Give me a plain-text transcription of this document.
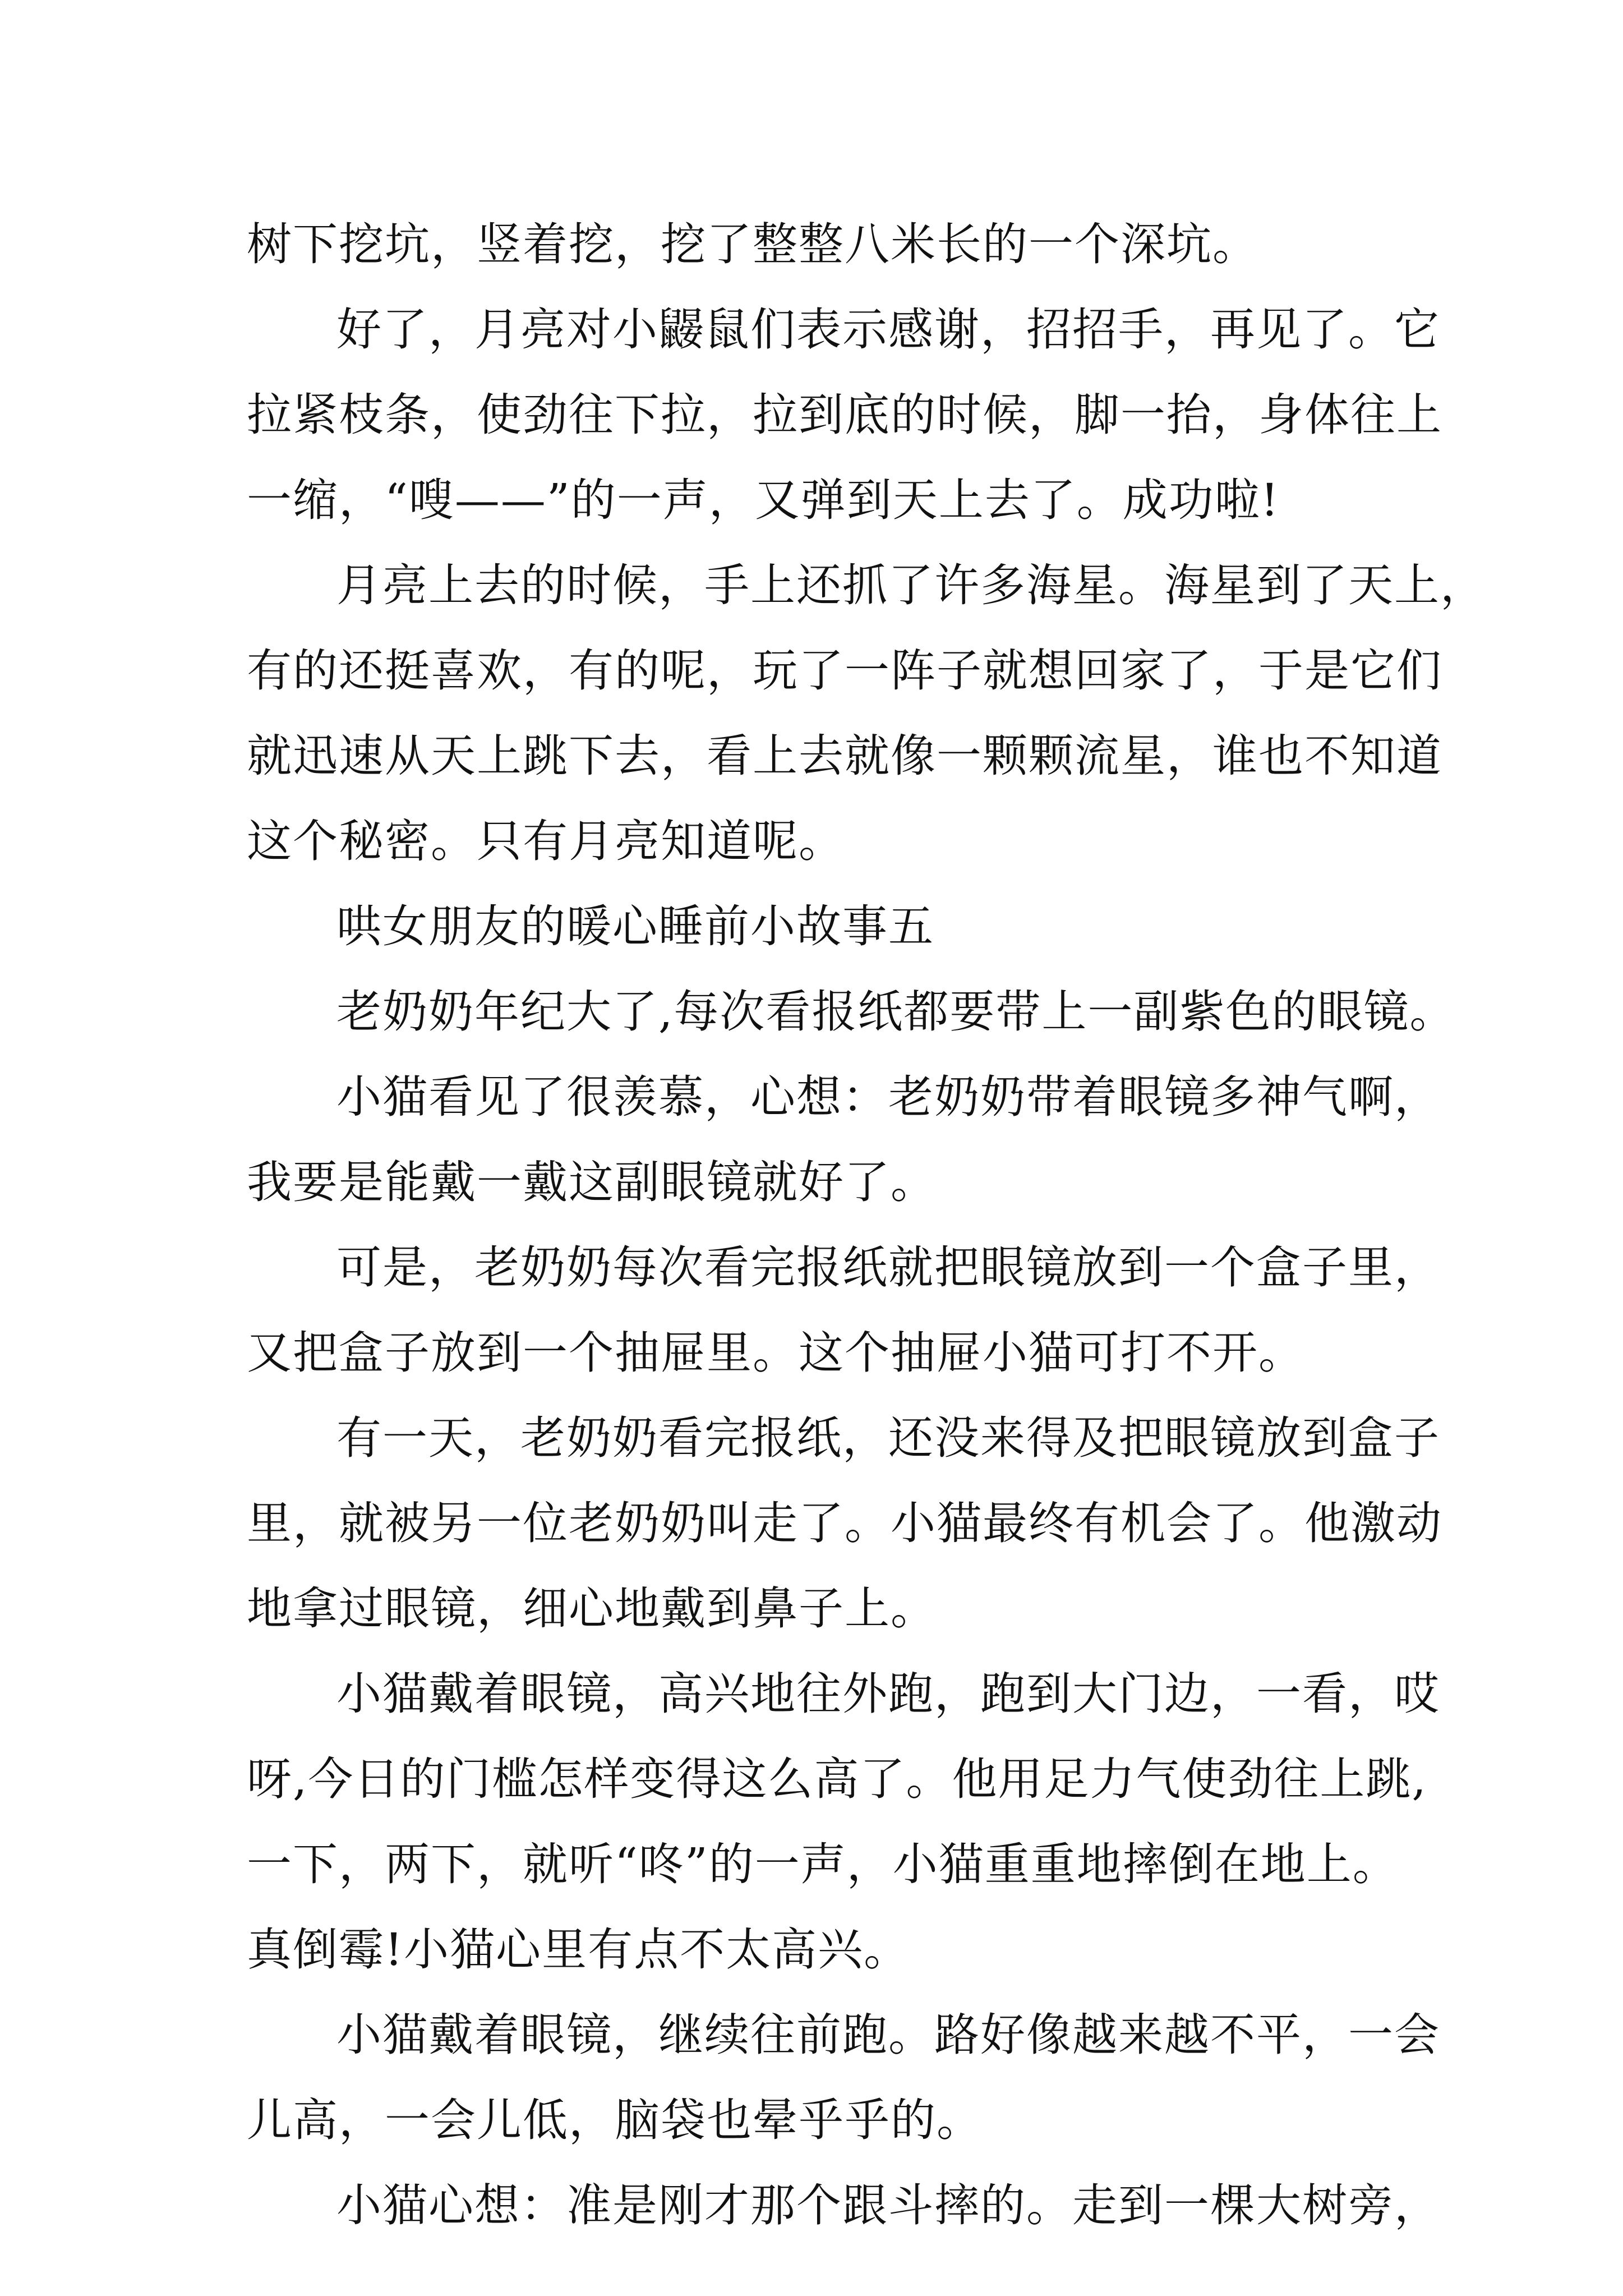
树下挖坑，竖着挖，挖了整整八米长的一个深坑。
好了，月亮对小鼹鼠们表示感谢，招招手，再见了。它
拉紧枝条，使劲往下拉，拉到底的时候，脚一抬，身体往上
一缩，“嗖——”的一声，又弹到天上去了。成功啦!
月亮上去的时候，手上还抓了许多海星。海星到了天上，
有的还挺喜欢，有的呢，玩了一阵子就想回家了，于是它们
就迅速从天上跳下去，看上去就像一颗颗流星，谁也不知道
这个秘密。只有月亮知道呢。
哄女朋友的暖心睡前小故事五
老奶奶年纪大了,每次看报纸都要带上一副紫色的眼镜。
小猫看见了很羡慕，心想：老奶奶带着眼镜多神气啊，
我要是能戴一戴这副眼镜就好了。
可是，老奶奶每次看完报纸就把眼镜放到一个盒子里，
又把盒子放到一个抽屉里。这个抽屉小猫可打不开。
有一天，老奶奶看完报纸，还没来得及把眼镜放到盒子
里，就被另一位老奶奶叫走了。小猫最终有机会了。他激动
地拿过眼镜，细心地戴到鼻子上。
小猫戴着眼镜，高兴地往外跑，跑到大门边，一看，哎
呀,今日的门槛怎样变得这么高了。他用足力气使劲往上跳,
一下，两下，就听“咚”的一声，小猫重重地摔倒在地上。
真倒霉!小猫心里有点不太高兴。
小猫戴着眼镜，继续往前跑。路好像越来越不平，一会
儿高，一会儿低，脑袋也晕乎乎的。
小猫心想：准是刚才那个跟斗摔的。走到一棵大树旁，
